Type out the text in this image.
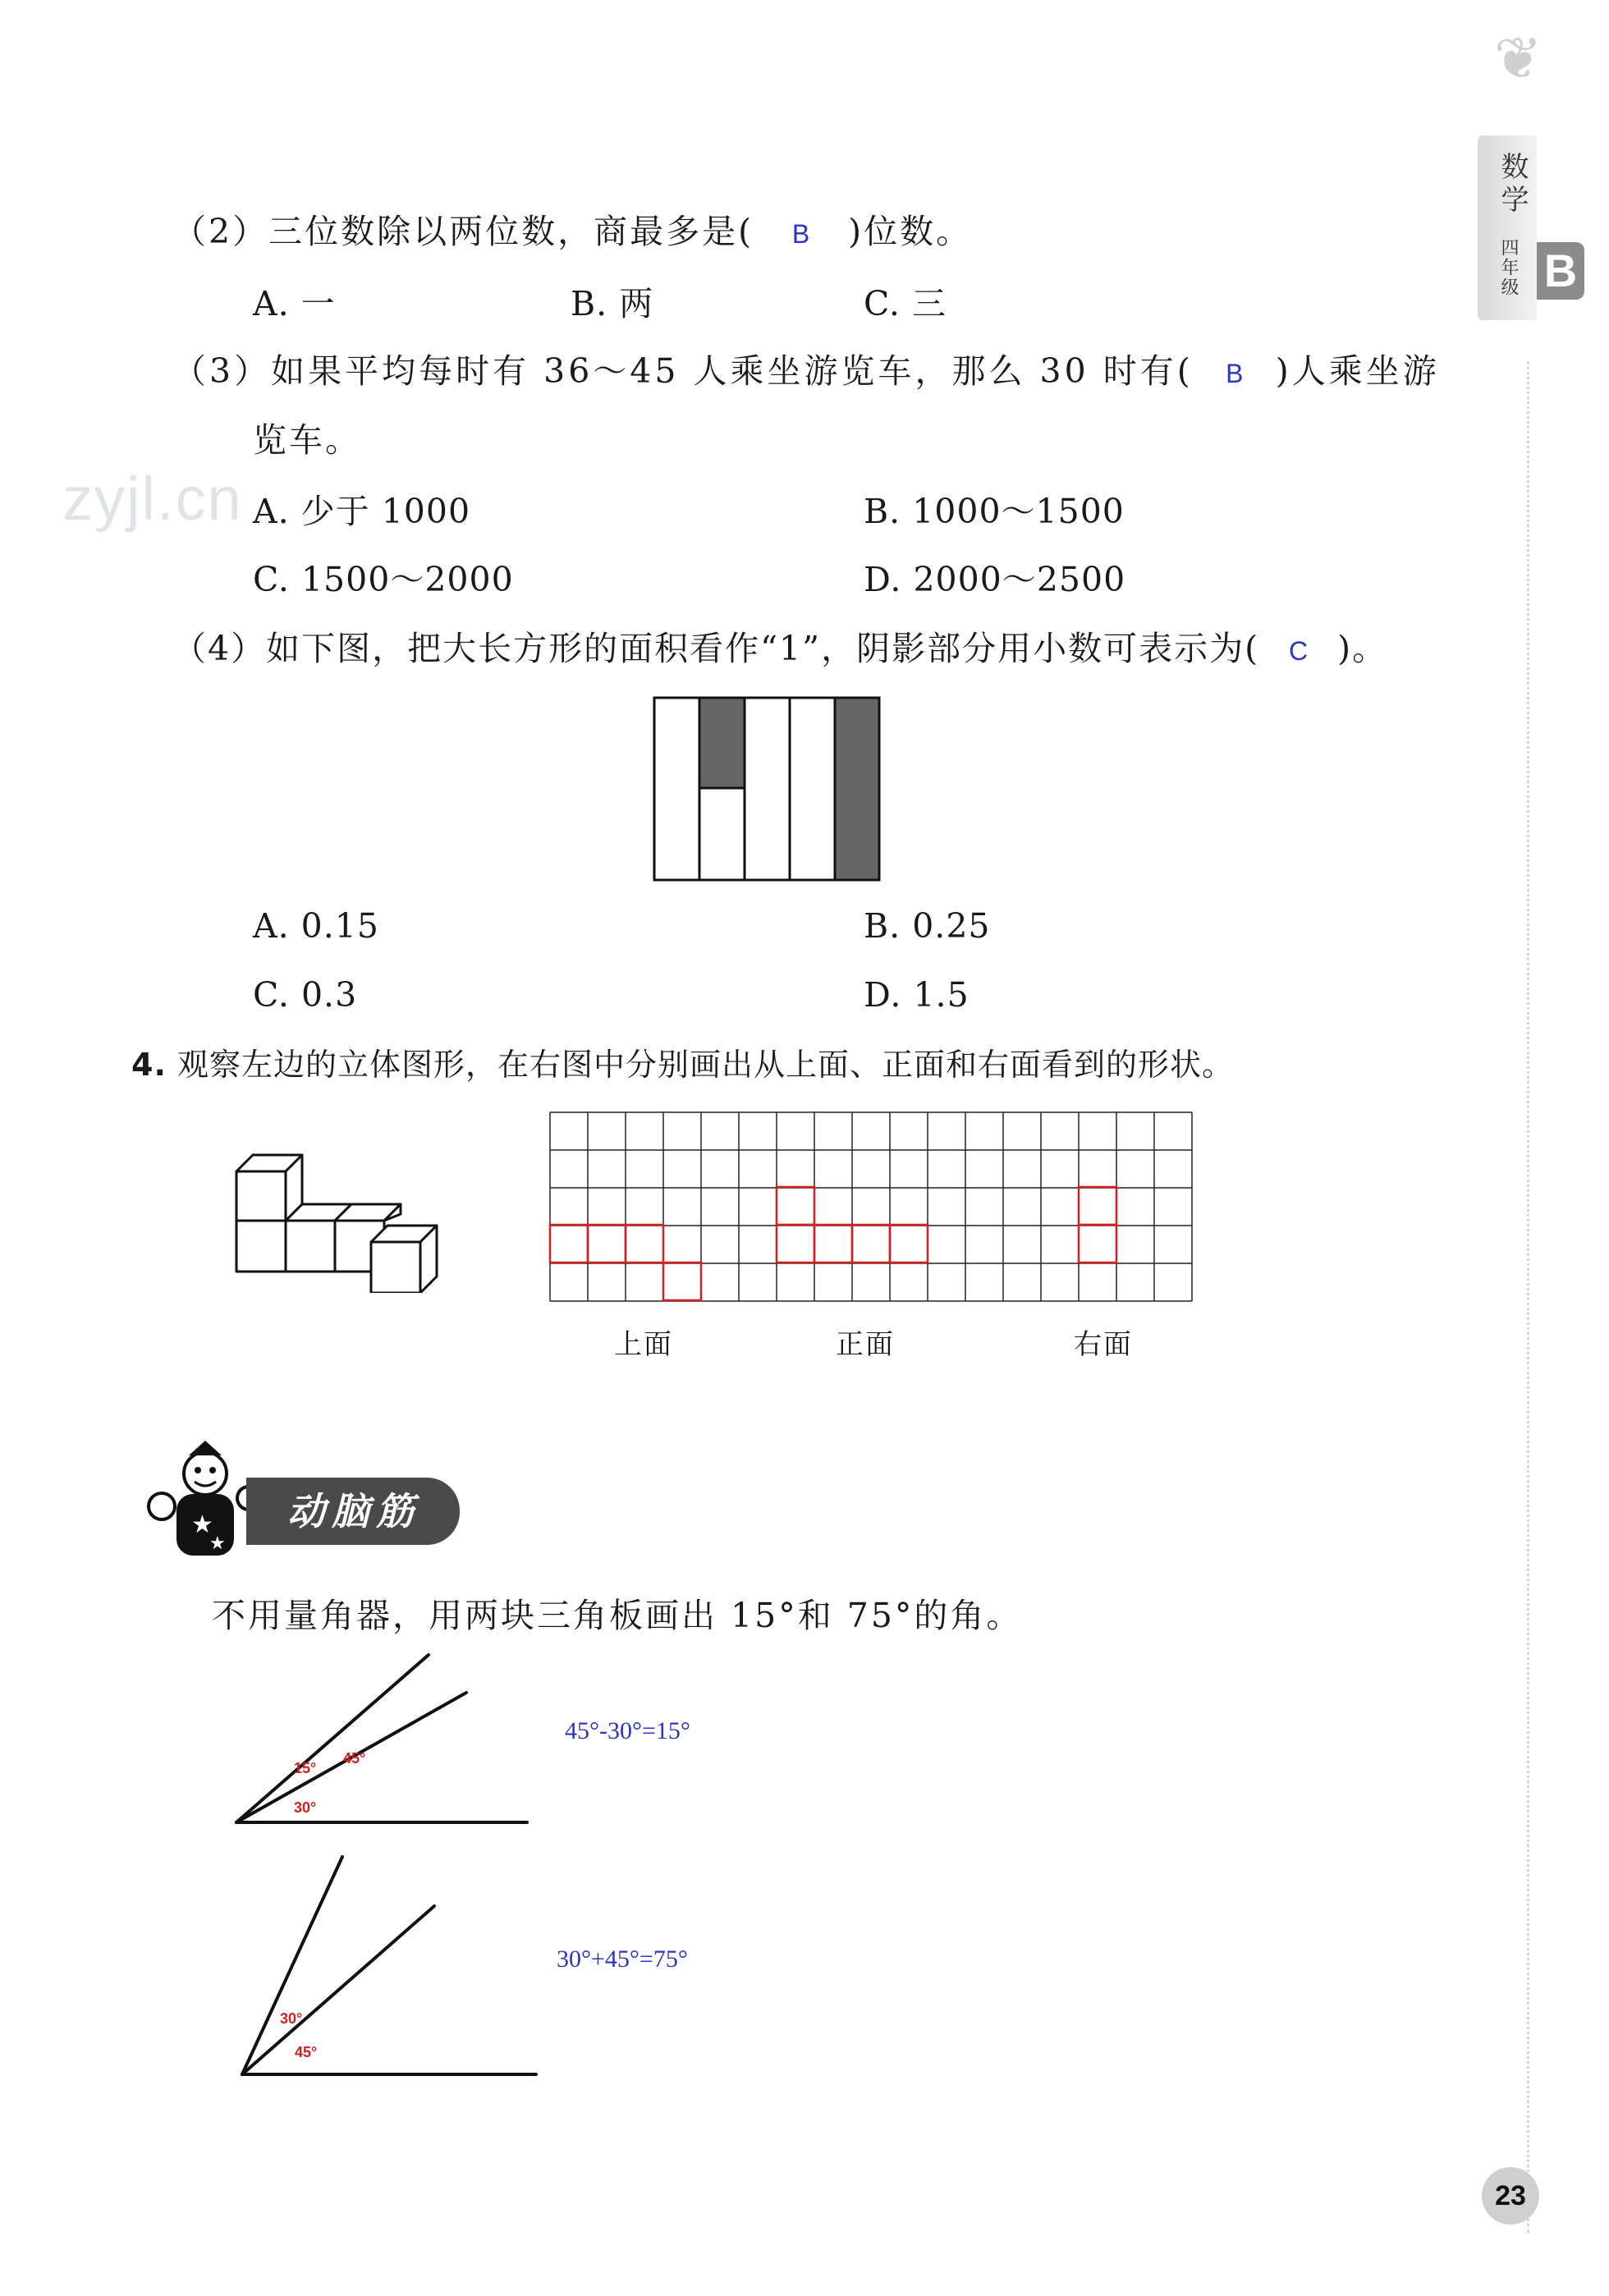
❦
数学
四年级 B
zyjl.cn
（2）三位数除以两位数，商最多是( B )位数。
A. 一	B. 两	C. 三
（3）如果平均每时有 36～45 人乘坐游览车，那么 30 时有( B )人乘坐游
览车。
A. 少于 1000	B. 1000～1500
C. 1500～2000	D. 2000～2500
（4）如下图，把大长方形的面积看作“1”，阴影部分用小数可表示为( C )。
A. 0.15	B. 0.25
C. 0.3	D. 1.5
4. 观察左边的立体图形，在右图中分别画出从上面、正面和右面看到的形状。
上面	正面	右面
★
★
动脑筋
不用量角器，用两块三角板画出 15°和 75°的角。
15°
45°
30°
45°-30°=15°
30°
45°
30°+45°=75°
23
